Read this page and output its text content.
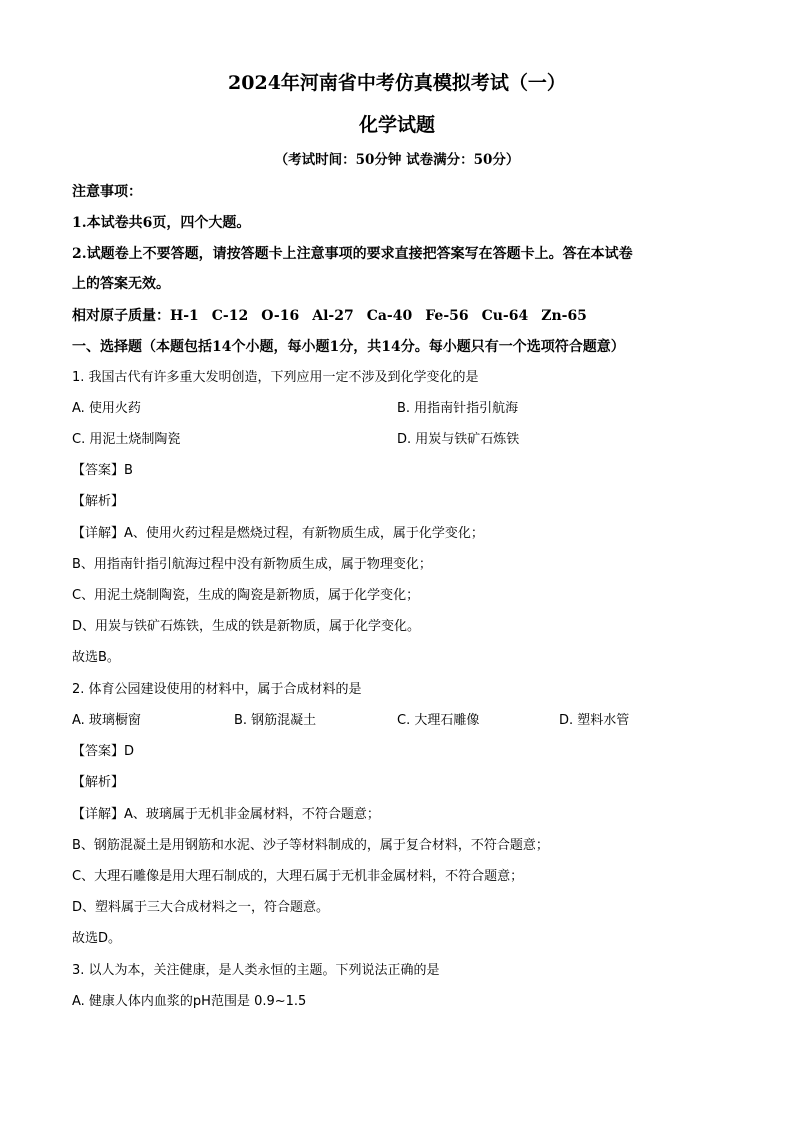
2024年河南省中考仿真模拟考试（一）
化学试题
（考试时间：50分钟 试卷满分：50分）
注意事项：
1.本试卷共6页，四个大题。
2.试题卷上不要答题，请按答题卡上注意事项的要求直接把答案写在答题卡上。答在本试卷
上的答案无效。
相对原子质量：H-1 C-12 O-16 Al-27 Ca-40 Fe-56 Cu-64 Zn-65
一、选择题（本题包括14个小题，每小题1分，共14分。每小题只有一个选项符合题意）
1. 我国古代有许多重大发明创造，下列应用一定不涉及到化学变化的是
A. 使用火药	B. 用指南针指引航海
C. 用泥土烧制陶瓷	D. 用炭与铁矿石炼铁
【答案】B
【解析】
【详解】A、使用火药过程是燃烧过程，有新物质生成，属于化学变化；
B、用指南针指引航海过程中没有新物质生成，属于物理变化；
C、用泥土烧制陶瓷，生成的陶瓷是新物质，属于化学变化；
D、用炭与铁矿石炼铁，生成的铁是新物质，属于化学变化。
故选B。
2. 体育公园建设使用的材料中，属于合成材料的是
A. 玻璃橱窗	B. 钢筋混凝土	C. 大理石雕像	D. 塑料水管
【答案】D
【解析】
【详解】A、玻璃属于无机非金属材料，不符合题意；
B、钢筋混凝土是用钢筋和水泥、沙子等材料制成的，属于复合材料，不符合题意；
C、大理石雕像是用大理石制成的，大理石属于无机非金属材料，不符合题意；
D、塑料属于三大合成材料之一，符合题意。
故选D。
3. 以人为本，关注健康，是人类永恒的主题。下列说法正确的是
A. 健康人体内血浆的pH范围是 0.9~1.5
